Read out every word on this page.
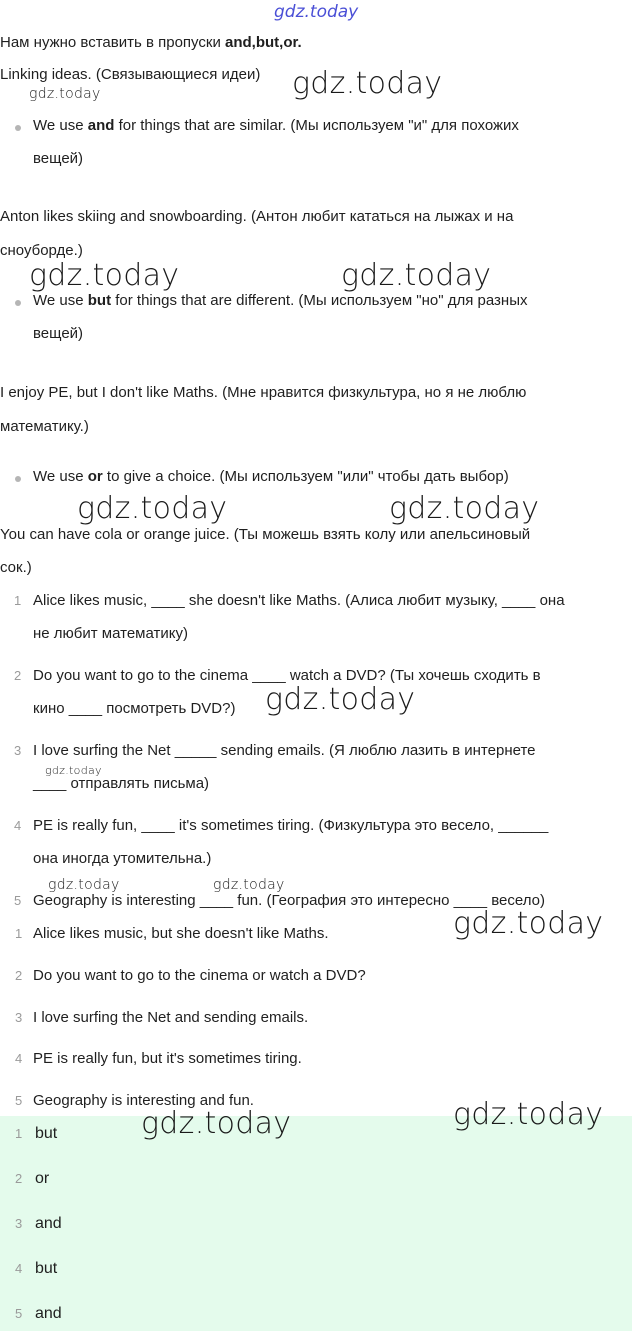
gdz.today
Нам нужно вставить в пропуски and,but,or.
Linking ideas. (Связывающиеся идеи)
We use and for things that are similar. (Мы используем "и" для похожих
вещей)
Anton likes skiing and snowboarding. (Антон любит кататься на лыжах и на
сноуборде.)
We use but for things that are different. (Мы используем "но" для разных
вещей)
I enjoy PE, but I don't like Maths. (Мне нравится физкультура, но я не люблю
математику.)
We use or to give a choice. (Мы используем "или" чтобы дать выбор)
You can have cola or orange juice. (Ты можешь взять колу или апельсиновый
сок.)
1 Alice likes music, ____ she doesn't like Maths. (Алиса любит музыку, ____ она
не любит математику)
2 Do you want to go to the cinema ____ watch a DVD? (Ты хочешь сходить в
кино ____ посмотреть DVD?)
3 I love surfing the Net _____ sending emails. (Я люблю лазить в интернете
____ отправлять письма)
4 PE is really fun, ____ it's sometimes tiring. (Физкультура это весело, ______
она иногда утомительна.)
5 Geography is interesting ____ fun. (География это интересно ____ весело)
1 Alice likes music, but she doesn't like Maths.
2 Do you want to go to the cinema or watch a DVD?
3 I love surfing the Net and sending emails.
4 PE is really fun, but it's sometimes tiring.
5 Geography is interesting and fun.
1 but
2 or
3 and
4 but
5 and
gdz.today
gdz.today
gdz.today	gdz.today
gdz.today	gdz.today
gdz.today
gdz.today
gdz.today	gdz.today
gdz.today
gdz.today
gdz.today
